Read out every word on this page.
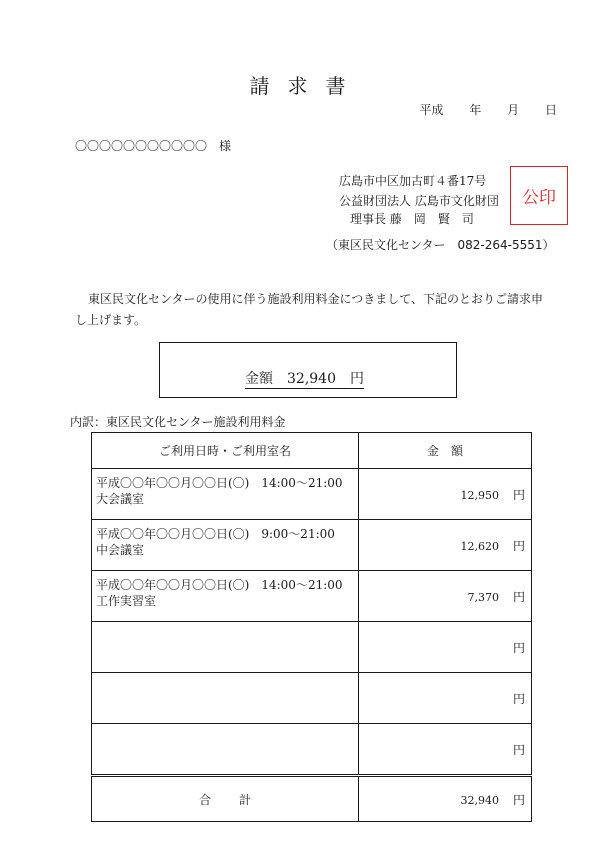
請求書
平成 年 月 日
〇〇〇〇〇〇〇〇〇〇〇　様
広島市中区加古町４番17号
公益財団法人 広島市文化財団
理事長 藤　岡　賢　司
公印
（東区民文化センター　082-264-5551）

東区民文化センターの使用に伴う施設利用料金につきまして、下記のとおりご請求申し上げます。

金額 32,940 円
内訳：東区民文化センター施設利用料金
ご利用日時・ご利用室名	金　額

平成〇〇年〇〇月〇〇日(〇)　14:00～21:00
大会議室	12,950 円

平成〇〇年〇〇月〇〇日(〇)　9:00～21:00
中会議室	12,620 円

平成〇〇年〇〇月〇〇日(〇)　14:00～21:00
工作実習室	7,370 円

	円

	円

	円
合計	32,940 円
